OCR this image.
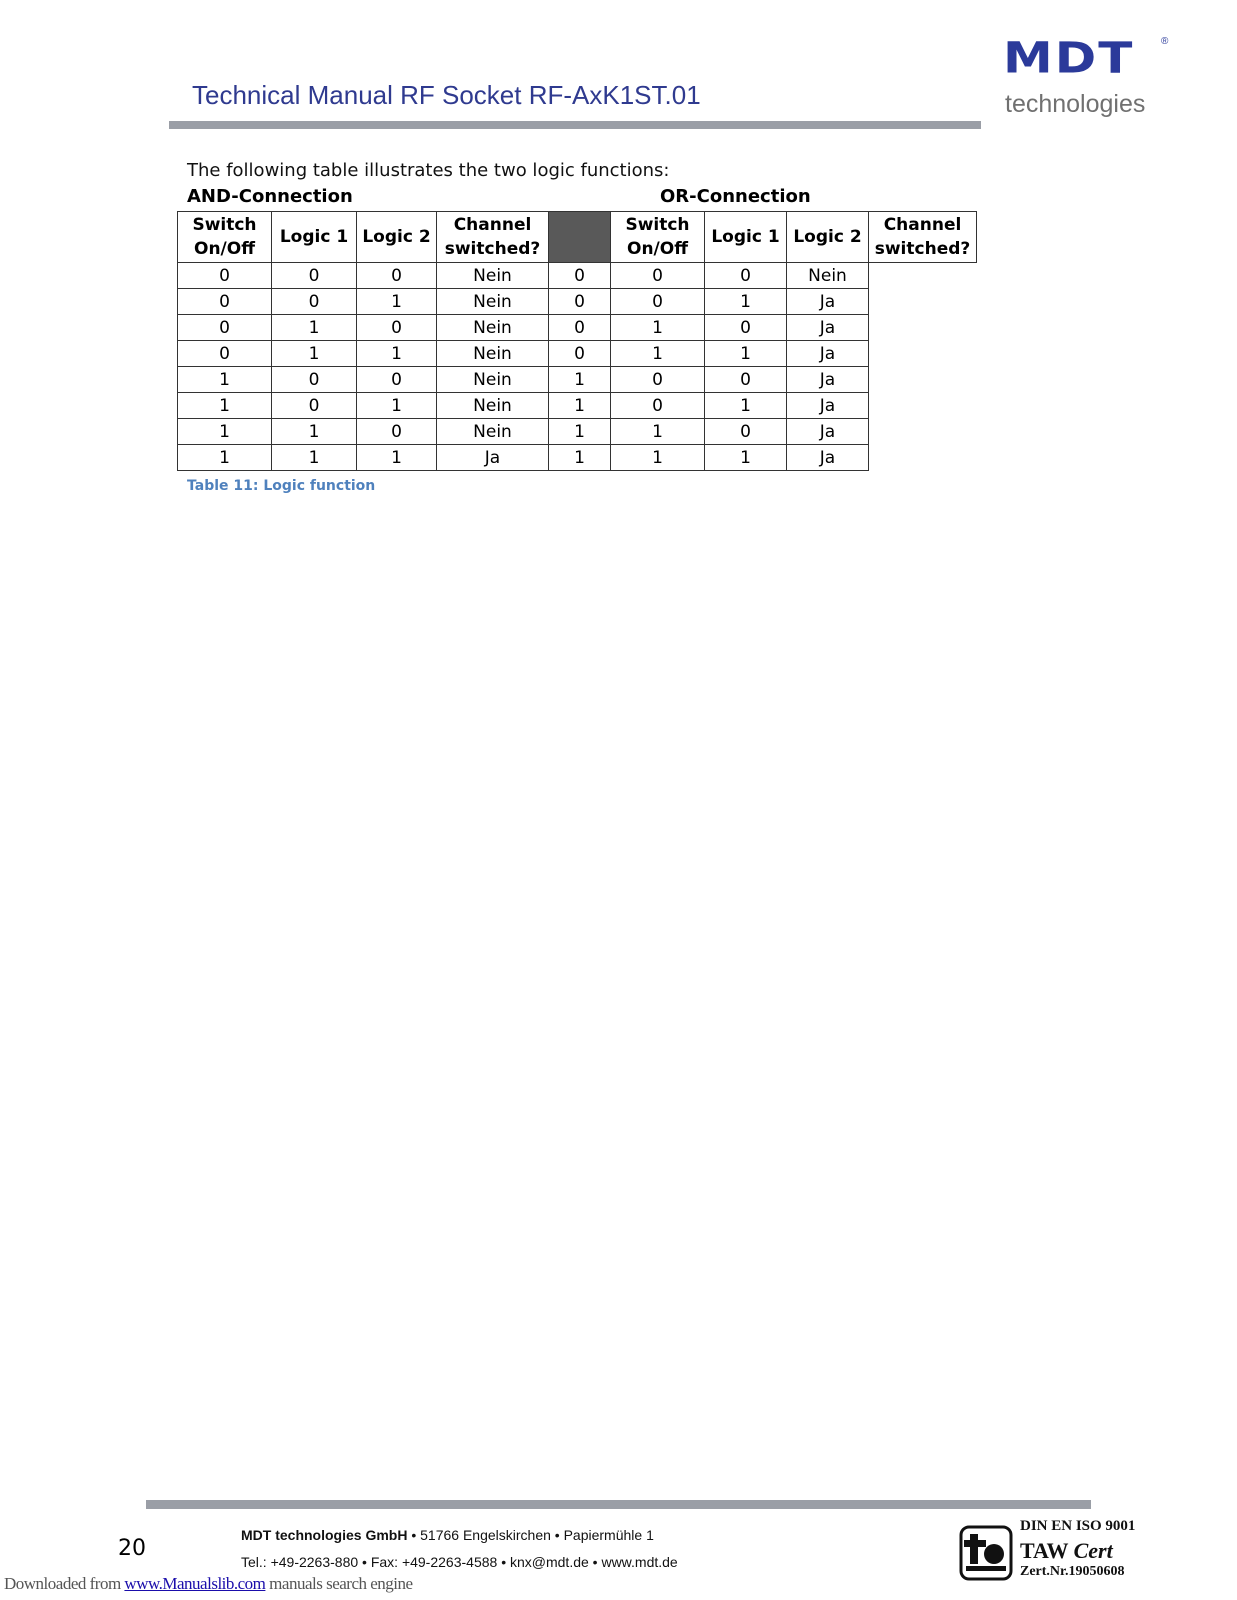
Technical Manual RF Socket RF-AxK1ST.01
MDT	®
technologies
The following table illustrates the two logic functions:
AND-Connection	OR-Connection
Switch On/Off	Logic 1	Logic 2	Channel switched?		Switch On/Off	Logic 1	Logic 2	Channel switched?
0	0	0	Nein	0	0	0	Nein	
0	0	1	Nein	0	0	1	Ja	
0	1	0	Nein	0	1	0	Ja	
0	1	1	Nein	0	1	1	Ja	
1	0	0	Nein	1	0	0	Ja	
1	0	1	Nein	1	0	1	Ja	
1	1	0	Nein	1	1	0	Ja	
1	1	1	Ja	1	1	1	Ja	
Table 11: Logic function
20
MDT technologies GmbH • 51766 Engelskirchen • Papiermühle 1
Tel.: +49-2263-880 • Fax: +49-2263-4588 • knx@mdt.de • www.mdt.de
DIN EN ISO 9001
TAW Cert
Zert.Nr.19050608
Downloaded from www.Manualslib.com manuals search engine
